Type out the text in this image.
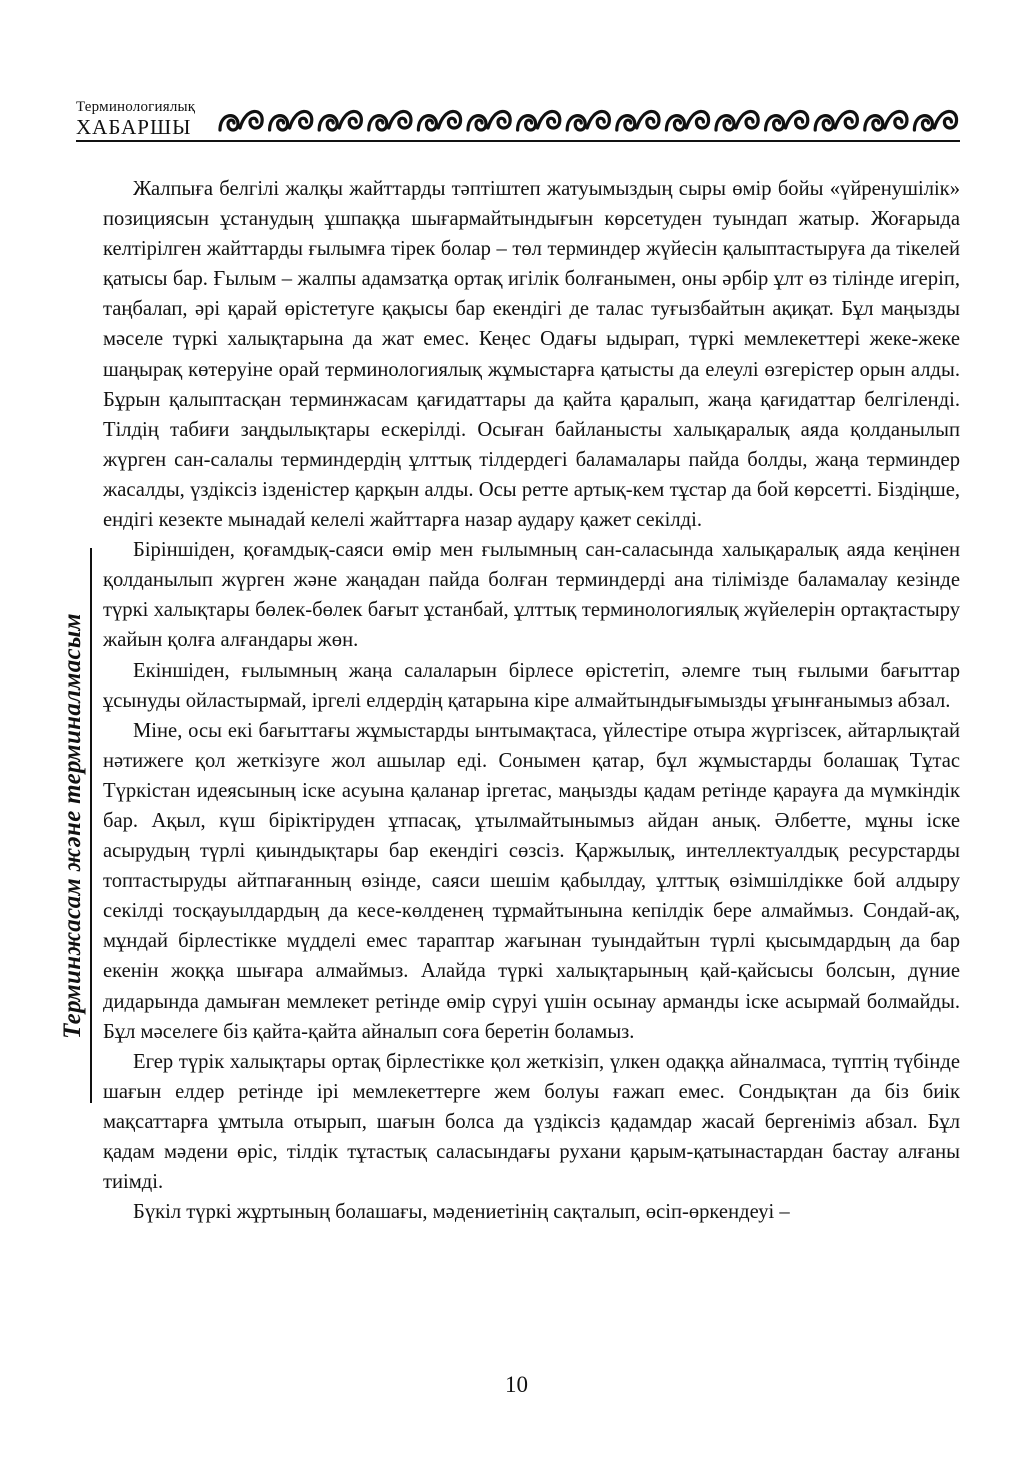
Терминологиялық
ХАБАРШЫ
Терминжасам және терминалмасым

Жалпыға белгілі жалқы жайттарды тәптіштеп жатуымыздың сыры өмір бойы «үйренушілік» позициясын ұстанудың ұшпаққа шығармайтындығын көрсетуден туындап жатыр. Жоғарыда келтірілген жайттарды ғылымға тірек болар – төл терминдер жүйесін қалыптастыруға да тікелей қатысы бар. Ғылым – жалпы адамзатқа ортақ игілік болғанымен, оны әрбір ұлт өз тілінде игеріп, таңбалап, әрі қарай өрістетуге қақысы бар екендігі де талас туғызбайтын ақиқат. Бұл маңызды мәселе түркі халықтарына да жат емес. Кеңес Одағы ыдырап, түркі мемлекеттері жеке-жеке шаңырақ көтеруіне орай терминологиялық жұмыстарға қатысты да елеулі өзгерістер орын алды. Бұрын қалыптасқан терминжасам қағидаттары да қайта қаралып, жаңа қағидаттар белгіленді. Тілдің табиғи заңдылықтары ескерілді. Осыған байланысты халықаралық аяда қолданылып жүрген сан-салалы терминдердің ұлттық тілдердегі баламалары пайда болды, жаңа терминдер жасалды, үздіксіз ізденістер қарқын алды. Осы ретте артық-кем тұстар да бой көрсетті. Біздіңше, ендігі кезекте мынадай келелі жайттарға назар аудару қажет секілді.

Біріншіден, қоғамдық-саяси өмір мен ғылымның сан-саласында халықаралық аяда кеңінен қолданылып жүрген және жаңадан пайда болған терминдерді ана тілімізде баламалау кезінде түркі халықтары бөлек-бөлек бағыт ұстанбай, ұлттық терминологиялық жүйелерін ортақтастыру жайын қолға алғандары жөн.

Екіншіден, ғылымның жаңа салаларын бірлесе өрістетіп, әлемге тың ғылыми бағыттар ұсынуды ойластырмай, іргелі елдердің қатарына кіре алмайтындығымызды ұғынғанымыз абзал.

Міне, осы екі бағыттағы жұмыстарды ынтымақтаса, үйлестіре отыра жүргізсек, айтарлықтай нәтижеге қол жеткізуге жол ашылар еді. Сонымен қатар, бұл жұмыстарды болашақ Тұтас Түркістан идеясының іске асуына қаланар іргетас, маңызды қадам ретінде қарауға да мүмкіндік бар. Ақыл, күш біріктіруден ұтпасақ, ұтылмайтынымыз айдан анық. Әлбетте, мұны іске асырудың түрлі қиындықтары бар екендігі сөзсіз. Қаржылық, интеллектуалдық ресурстарды топтастыруды айтпағанның өзінде, саяси шешім қабылдау, ұлттық өзімшілдікке бой алдыру секілді тосқауылдардың да кесе-көлденең тұрмайтынына кепілдік бере алмаймыз. Сондай-ақ, мұндай бірлестікке мүдделі емес тараптар жағынан туындайтын түрлі қысымдардың да бар екенін жоққа шығара алмаймыз. Алайда түркі халықтарының қай-қайсысы болсын, дүние дидарында дамыған мемлекет ретінде өмір сүруі үшін осынау арманды іске асырмай болмайды. Бұл мәселеге біз қайта-қайта айналып соға беретін боламыз.

Егер түрік халықтары ортақ бірлестікке қол жеткізіп, үлкен одаққа айналмаса, түптің түбінде шағын елдер ретінде ірі мемлекеттерге жем болуы ғажап емес. Сондықтан да біз биік мақсаттарға ұмтыла отырып, шағын болса да үздіксіз қадамдар жасай бергеніміз абзал. Бұл қадам мәдени өріс, тілдік тұтастық саласындағы рухани қарым-қатынастардан бастау алғаны тиімді.

Бүкіл түркі жұртының болашағы, мәдениетінің сақталып, өсіп-өркендеуі –

10
